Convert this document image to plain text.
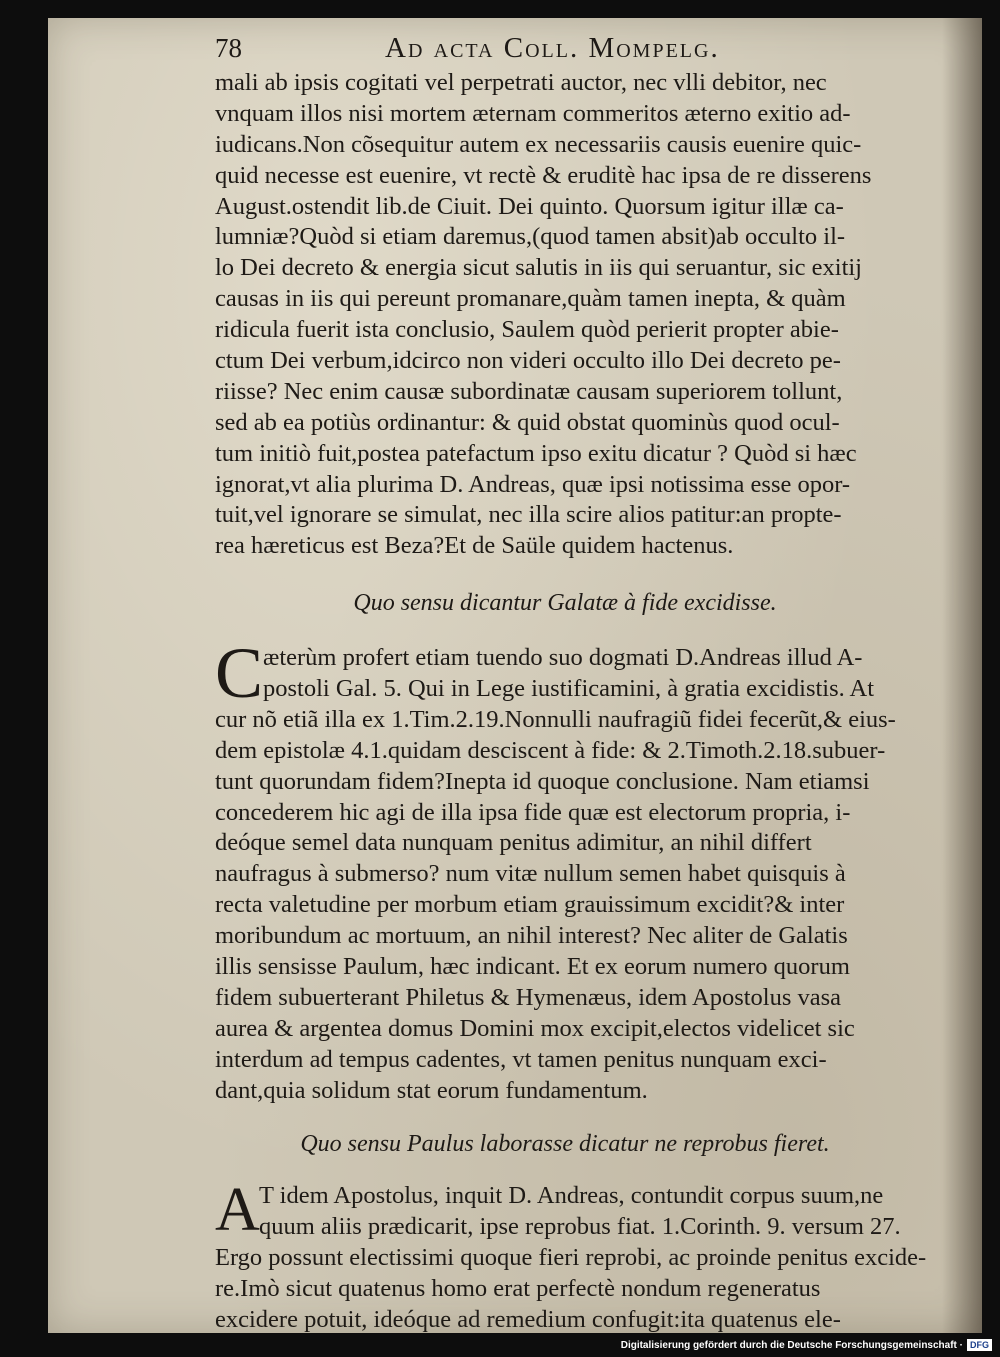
78	Ad acta Coll. Mompelg.
mali ab ipsis cogitati vel perpetrati auctor, nec vlli debitor, nec
vnquam illos nisi mortem æternam commeritos æterno exitio ad-
iudicans.Non cõsequitur autem ex necessariis causis euenire quic-
quid necesse est euenire, vt rectè & eruditè hac ipsa de re disserens
August.ostendit lib.de Ciuit. Dei quinto. Quorsum igitur illæ ca-
lumniæ?Quòd si etiam daremus,(quod tamen absit)ab occulto il-
lo Dei decreto & energia sicut salutis in iis qui seruantur, sic exitij
causas in iis qui pereunt promanare,quàm tamen inepta, & quàm
ridicula fuerit ista conclusio, Saulem quòd perierit propter abie-
ctum Dei verbum,idcirco non videri occulto illo Dei decreto pe-
riisse? Nec enim causæ subordinatæ causam superiorem tollunt,
sed ab ea potiùs ordinantur: & quid obstat quominùs quod ocul-
tum initiò fuit,postea patefactum ipso exitu dicatur ? Quòd si hæc
ignorat,vt alia plurima D. Andreas, quæ ipsi notissima esse opor-
tuit,vel ignorare se simulat, nec illa scire alios patitur:an propte-
rea hæreticus est Beza?Et de Saüle quidem hactenus.
Quo sensu dicantur Galatæ à fide excidisse.
C æterùm profert etiam tuendo suo dogmati D.Andreas illud A-
postoli Gal. 5. Qui in Lege iustificamini, à gratia excidistis. At
cur nõ etiã illa ex 1.Tim.2.19.Nonnulli naufragiũ fidei fecerũt,& eius-
dem epistolæ 4.1.quidam desciscent à fide: & 2.Timoth.2.18.subuer-
tunt quorundam fidem?Inepta id quoque conclusione. Nam etiamsi
concederem hic agi de illa ipsa fide quæ est electorum propria, i-
deóque semel data nunquam penitus adimitur, an nihil differt
naufragus à submerso? num vitæ nullum semen habet quisquis à
recta valetudine per morbum etiam grauissimum excidit?& inter
moribundum ac mortuum, an nihil interest? Nec aliter de Galatis
illis sensisse Paulum, hæc indicant. Et ex eorum numero quorum
fidem subuerterant Philetus & Hymenæus, idem Apostolus vasa
aurea & argentea domus Domini mox excipit,electos videlicet sic
interdum ad tempus cadentes, vt tamen penitus nunquam exci-
dant,quia solidum stat eorum fundamentum.
Quo sensu Paulus laborasse dicatur ne reprobus fieret.
A T idem Apostolus, inquit D. Andreas, contundit corpus suum,ne
quum aliis prædicarit, ipse reprobus fiat. 1.Corinth. 9. versum 27.
Ergo possunt electissimi quoque fieri reprobi, ac proinde penitus excide-
re.Imò sicut quatenus homo erat perfectè nondum regeneratus
excidere potuit, ideóque ad remedium confugit:ita quatenus ele-
Digitalisierung gefördert durch die Deutsche Forschungsgemeinschaft · DFG
